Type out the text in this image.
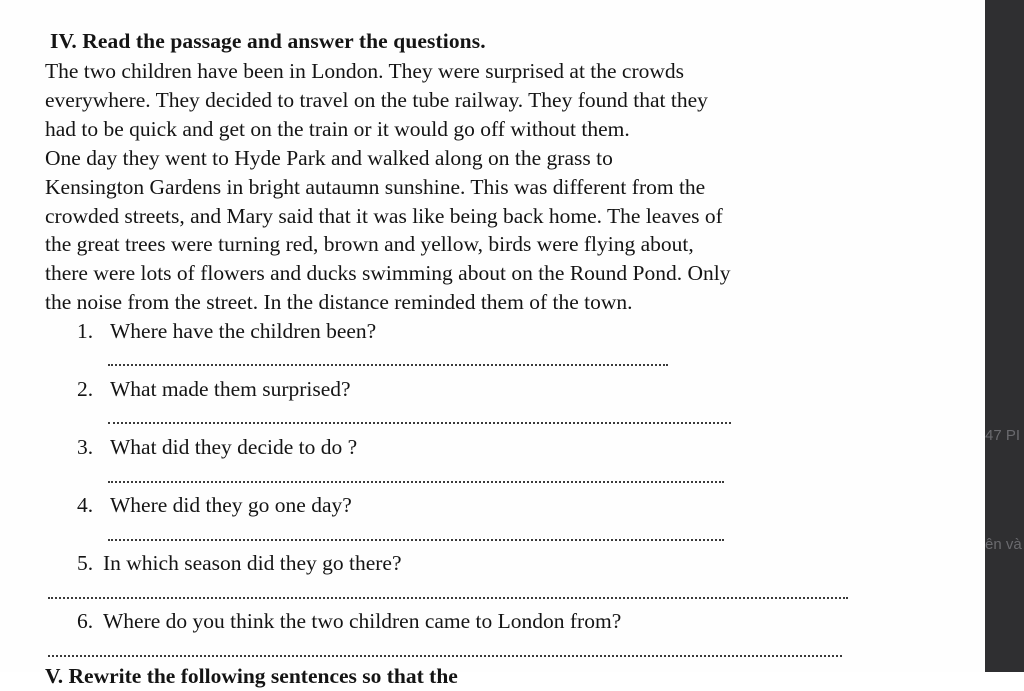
IV. Read the passage and answer the questions.
The two children have been in London. They were surprised at the crowds
everywhere. They decided to travel on the tube railway. They found that they
had to be quick and get on the train or it would go off without them.
One day they went to Hyde Park and walked along on the grass to
Kensington Gardens in bright autaumn sunshine. This was different from the
crowded streets, and Mary said that it was like being back home. The leaves of
the great trees were turning red, brown and yellow, birds were flying about,
there were lots of flowers and ducks swimming about on the Round Pond. Only
the noise from the street. In the distance reminded them of the town.
1. Where have the children been?
2. What made them surprised?
3. What did they decide to do ?
4. Where did they go one day?
5. In which season did they go there?
6. Where do you think the two children came to London from?
V. Rewrite the following sentences so that the
47 PI
ên và
